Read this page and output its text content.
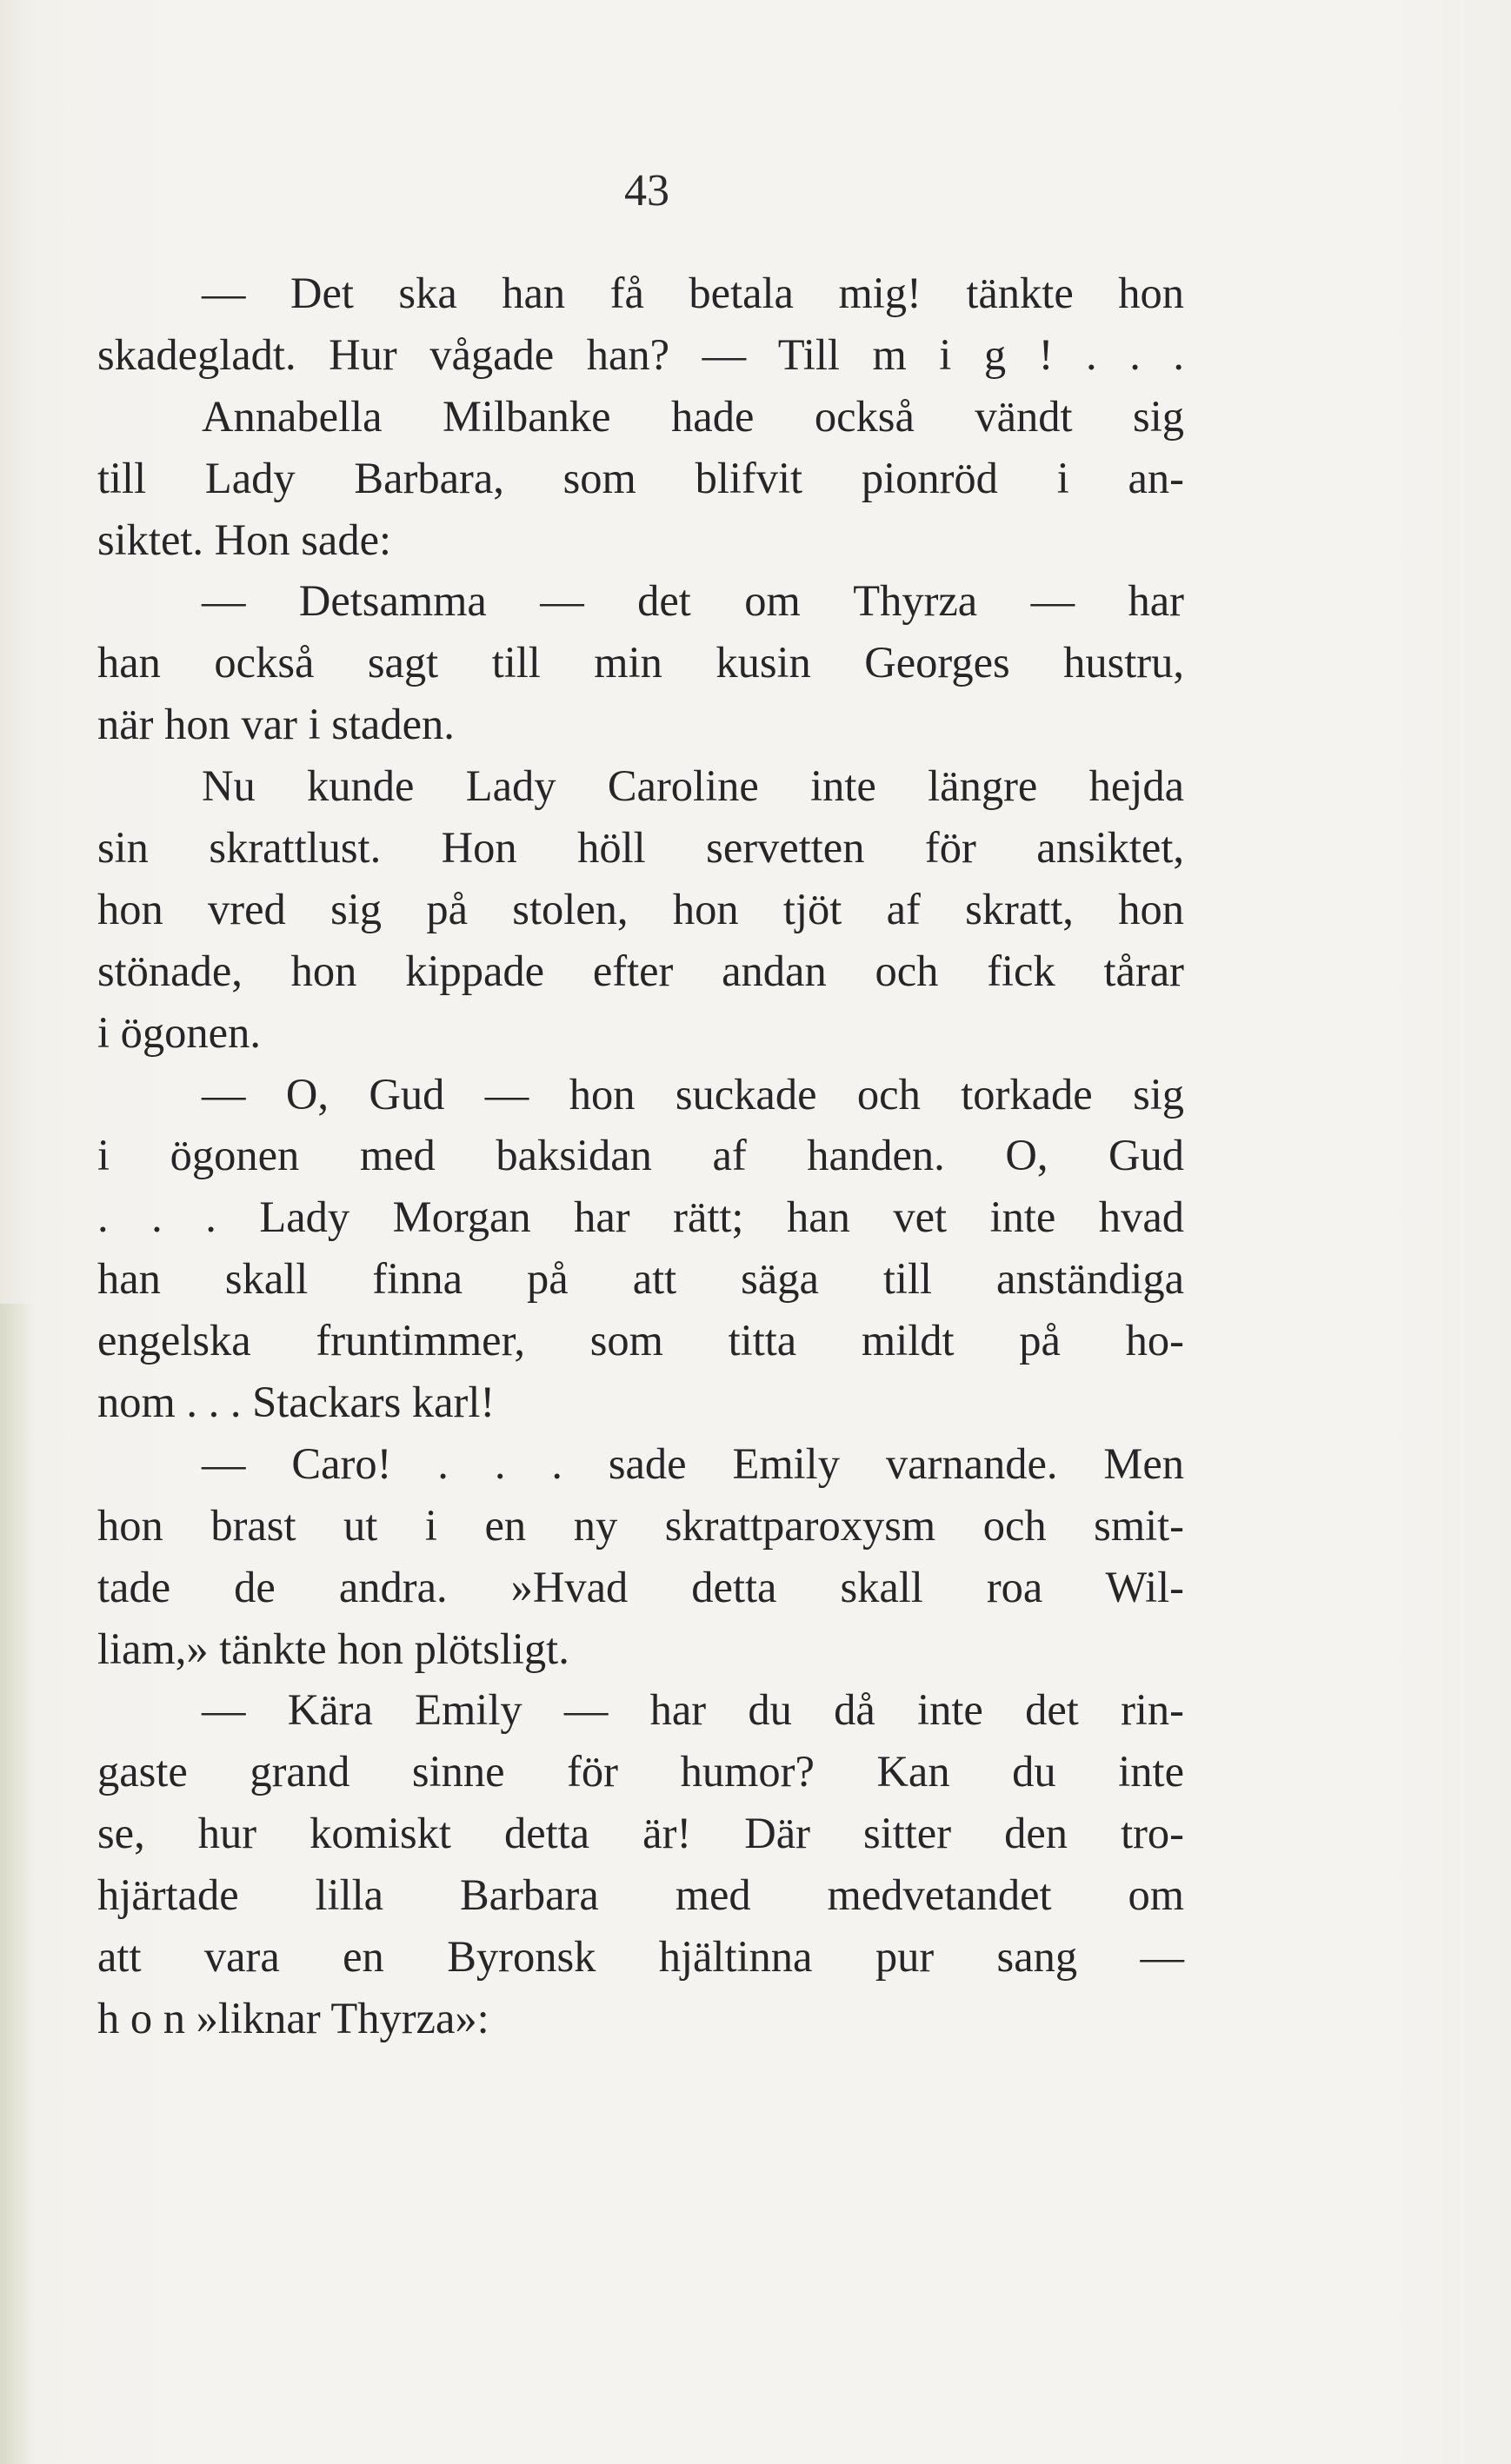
43
— Det ska han få betala mig! tänkte hon
skadegladt. Hur vågade han? — Till m i g ! . . .
Annabella Milbanke hade också vändt sig
till Lady Barbara, som blifvit pionröd i an-
siktet. Hon sade:
— Detsamma — det om Thyrza — har
han också sagt till min kusin Georges hustru,
när hon var i staden.
Nu kunde Lady Caroline inte längre hejda
sin skrattlust. Hon höll servetten för ansiktet,
hon vred sig på stolen, hon tjöt af skratt, hon
stönade, hon kippade efter andan och fick tårar
i ögonen.
— O, Gud — hon suckade och torkade sig
i ögonen med baksidan af handen. O, Gud
. . . Lady Morgan har rätt; han vet inte hvad
han skall finna på att säga till anständiga
engelska fruntimmer, som titta mildt på ho-
nom . . . Stackars karl!
— Caro! . . . sade Emily varnande. Men
hon brast ut i en ny skrattparoxysm och smit-
tade de andra. »Hvad detta skall roa Wil-
liam,» tänkte hon plötsligt.
— Kära Emily — har du då inte det rin-
gaste grand sinne för humor? Kan du inte
se, hur komiskt detta är! Där sitter den tro-
hjärtade lilla Barbara med medvetandet om
att vara en Byronsk hjältinna pur sang —
h o n »liknar Thyrza»:
